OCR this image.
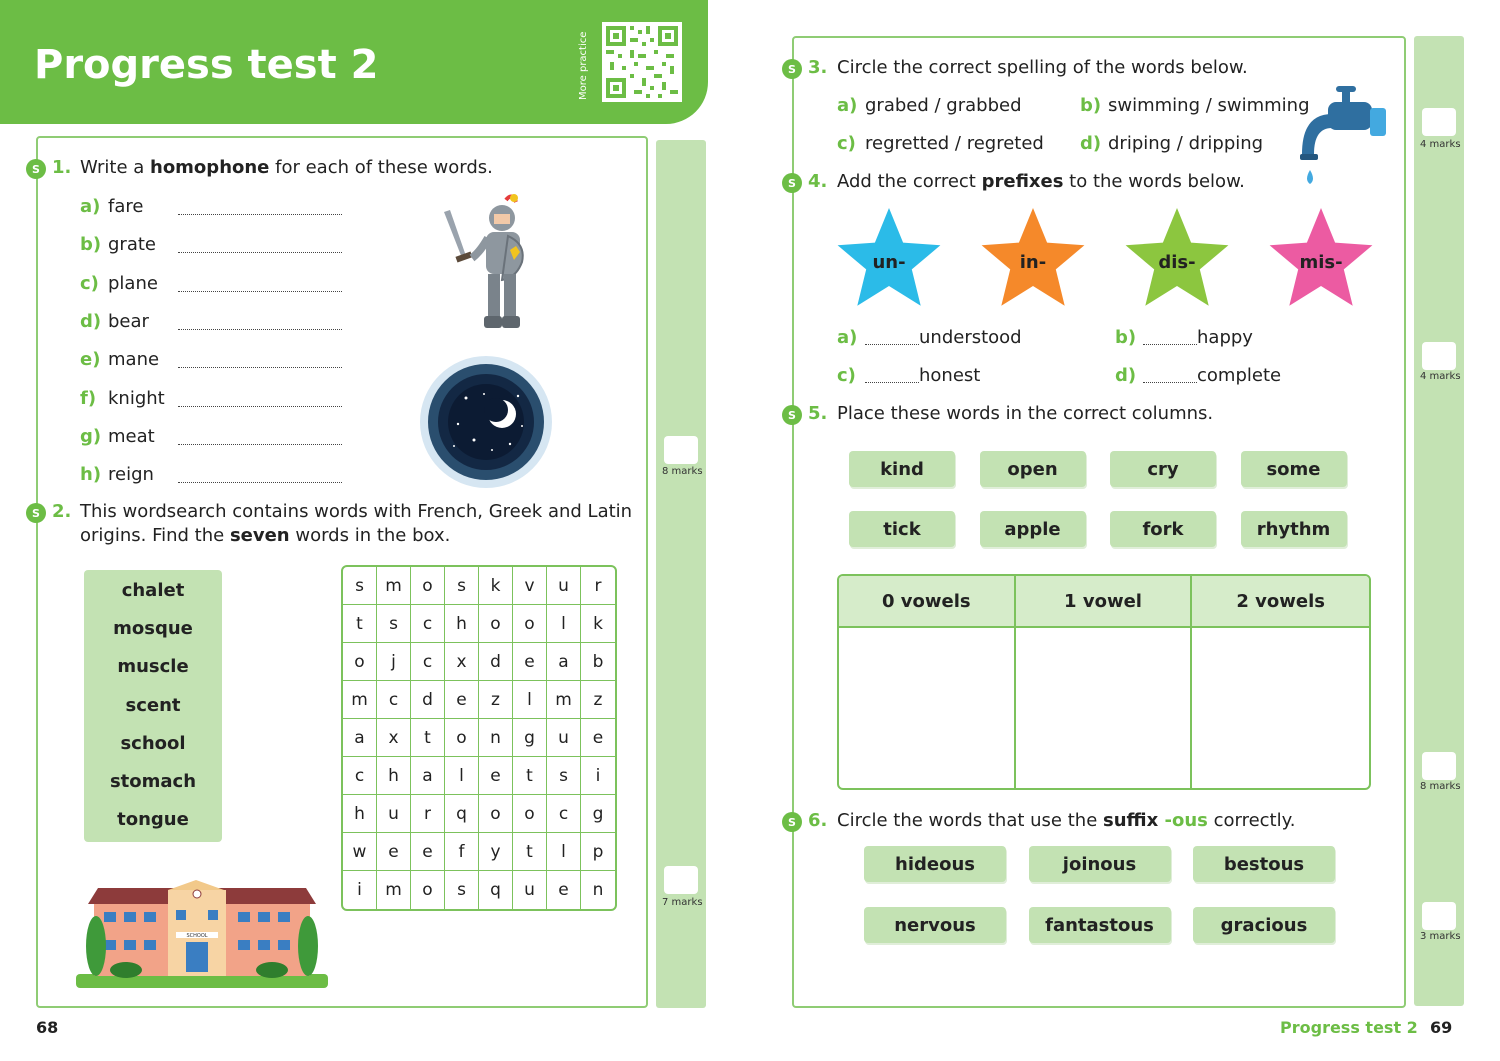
Progress test 2	More practice
S 1. Write a homophone for each of these words.
a) fare
b) grate
c) plane
d) bear
e) mane
f) knight
g) meat
h) reign	8 marks
S 2. This wordsearch contains words with French, Greek and Latin
origins. Find the seven words in the box.
chalet
mosque
muscle
scent
school
stomach
tongue
s	m	o	s	k	v	u	r
t	s	c	h	o	o	l	k
o	j	c	x	d	e	a	b
m	c	d	e	z	l	m	z
a	x	t	o	n	g	u	e
c	h	a	l	e	t	s	i
h	u	r	q	o	o	c	g
w	e	e	f	y	t	l	p
i	m	o	s	q	u	e	n
SCHOOL
7 marks
68
S 3. Circle the correct spelling of the words below.
a) grabed / grabbed	b) swimming / swimming
c) regretted / regreted d) driping / dripping	4 marks
S 4. Add the correct prefixes to the words below.
un-	in-	dis-	mis-
a)	understood	b)	happy
c)	honest	d)	complete	4 marks
S 5. Place these words in the correct columns.
kind	open	cry	some
tick	apple	fork	rhythm
0 vowels	1 vowel	2 vowels
8 marks
S 6. Circle the words that use the suffix -ous correctly.
hideous	joinous	bestous
nervous	fantastous	gracious
3 marks
Progress test 2 69
